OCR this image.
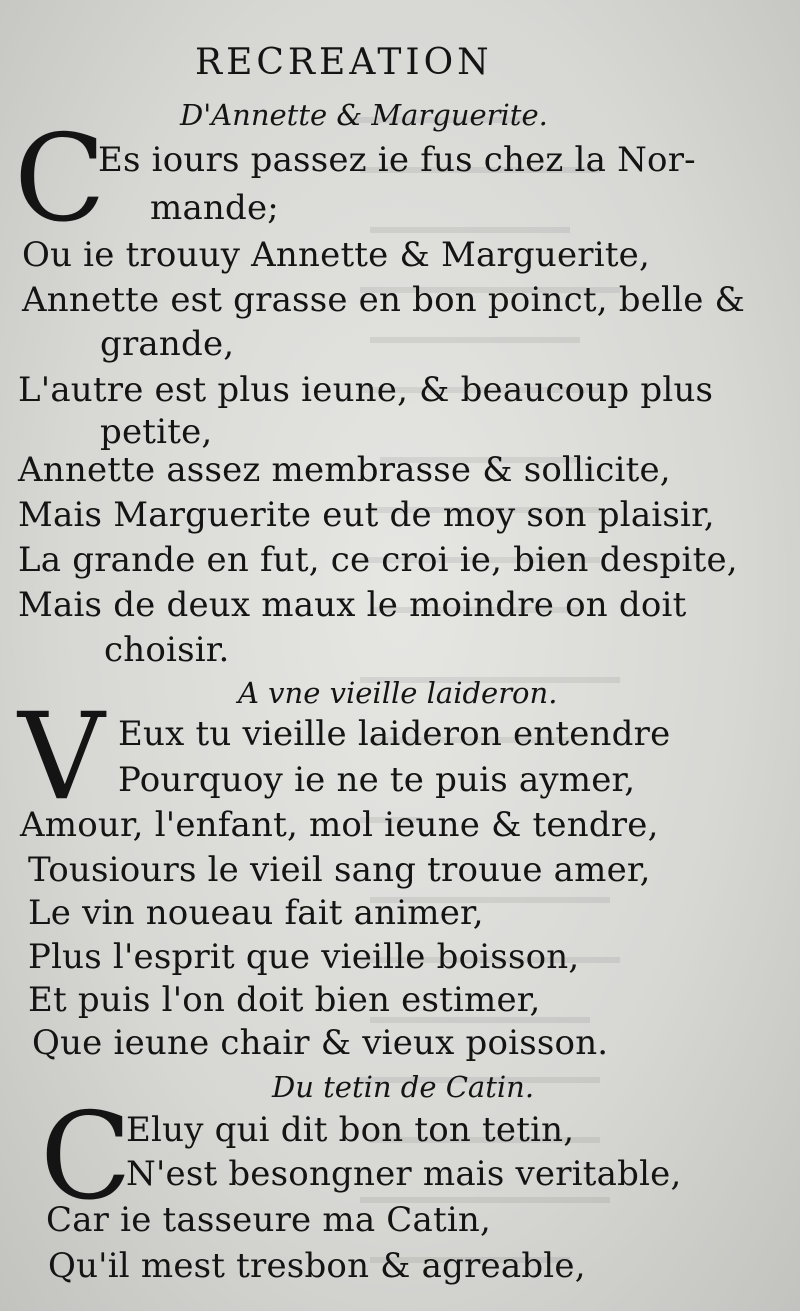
RECREATION
D'Annette & Marguerite.
C
Es iours passez ie fus chez la Nor-
mande;
Ou ie trouuy Annette & Marguerite,
Annette est grasse en bon poinct, belle &
grande,
L'autre est plus ieune, & beaucoup plus
petite,
Annette assez membrasse & sollicite,
Mais Marguerite eut de moy son plaisir,
La grande en fut, ce croi ie, bien despite,
Mais de deux maux le moindre on doit
choisir.
A vne vieille laideron.
V Eux tu vieille laideron entendre
Pourquoy ie ne te puis aymer,
Amour, l'enfant, mol ieune & tendre,
Tousiours le vieil sang trouue amer,
Le vin noueau fait animer,
Plus l'esprit que vieille boisson,
Et puis l'on doit bien estimer,
Que ieune chair & vieux poisson.
Du tetin de Catin.
C
Eluy qui dit bon ton tetin,
N'est besongner mais veritable,
Car ie tasseure ma Catin,
Qu'il mest tresbon & agreable,
